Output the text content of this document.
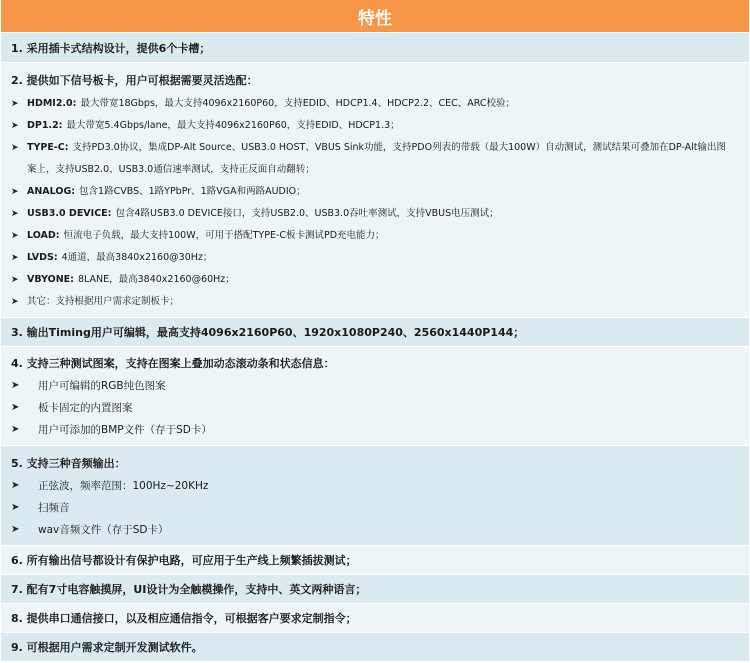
特性
1. 采用插卡式结构设计，提供6个卡槽；
2. 提供如下信号板卡，用户可根据需要灵活选配：
➤ HDMI2.0: 最大带宽18Gbps，最大支持4096x2160P60，支持EDID、HDCP1.4、HDCP2.2、CEC、ARC校验；
➤ DP1.2: 最大带宽5.4Gbps/lane，最大支持4096x2160P60，支持EDID、HDCP1.3；
➤ TYPE-C: 支持PD3.0协议，集成DP-Alt Source、USB3.0 HOST、VBUS Sink功能，支持PDO列表的带载（最大100W）自动测试，测试结果可叠加在DP-Alt输出图案上，支持USB2.0、USB3.0通信速率测试，支持正反面自动翻转；
➤ ANALOG: 包含1路CVBS、1路YPbPr、1路VGA和两路AUDIO；
➤ USB3.0 DEVICE: 包含4路USB3.0 DEVICE接口，支持USB2.0、USB3.0吞吐率测试，支持VBUS电压测试；
➤ LOAD: 恒流电子负载，最大支持100W，可用于搭配TYPE-C板卡测试PD充电能力；
➤ LVDS: 4通道，最高3840x2160@30Hz；
➤ VBYONE: 8LANE，最高3840x2160@60Hz；
➤ 其它：支持根据用户需求定制板卡；
3. 输出Timing用户可编辑，最高支持4096x2160P60、1920x1080P240、2560x1440P144；
4. 支持三种测试图案，支持在图案上叠加动态滚动条和状态信息：
➤	用户可编辑的RGB纯色图案
➤	板卡固定的内置图案
➤	用户可添加的BMP文件（存于SD卡）
5. 支持三种音频输出：
➤	正弦波，频率范围：100Hz~20KHz
➤	扫频音
➤	wav音频文件（存于SD卡）
6. 所有输出信号都设计有保护电路，可应用于生产线上频繁插拔测试；
7. 配有7寸电容触摸屏，UI设计为全触模操作，支持中、英文两种语言；
8. 提供串口通信接口，以及相应通信指令，可根据客户要求定制指令；
9. 可根据用户需求定制开发测试软件。
